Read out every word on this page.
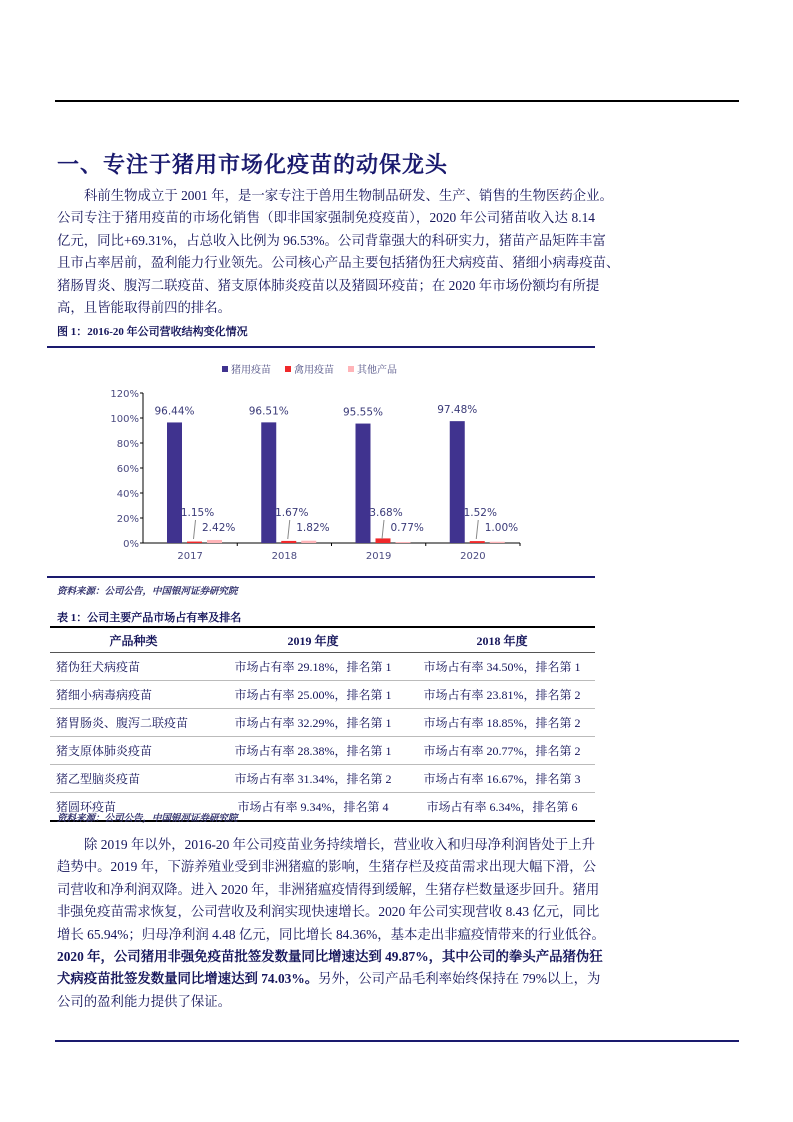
一、专注于猪用市场化疫苗的动保龙头
科前生物成立于 2001 年，是一家专注于兽用生物制品研发、生产、销售的生物医药企业。
公司专注于猪用疫苗的市场化销售（即非国家强制免疫疫苗），2020 年公司猪苗收入达 8.14
亿元，同比+69.31%，占总收入比例为 96.53%。公司背靠强大的科研实力，猪苗产品矩阵丰富
且市占率居前，盈利能力行业领先。公司核心产品主要包括猪伪狂犬病疫苗、猪细小病毒疫苗、
猪肠胃炎、腹泻二联疫苗、猪支原体肺炎疫苗以及猪圆环疫苗；在 2020 年市场份额均有所提
高，且皆能取得前四的排名。
图 1：2016-20 年公司营收结构变化情况
猪用疫苗 禽用疫苗 其他产品
0%
20%
40%
60%
80%
100%
120%
2017	2018	2019	2020
96.44%
1.15%
2.42%
96.51%
1.67%
1.82%
95.55%
3.68%
0.77%
97.48%
1.52%
1.00%
资料来源：公司公告，中国银河证券研究院
表 1：公司主要产品市场占有率及排名
产品种类	2019 年度	2018 年度
猪伪狂犬病疫苗	市场占有率 29.18%，排名第 1	市场占有率 34.50%，排名第 1
猪细小病毒病疫苗	市场占有率 25.00%，排名第 1	市场占有率 23.81%，排名第 2
猪胃肠炎、腹泻二联疫苗	市场占有率 32.29%，排名第 1	市场占有率 18.85%，排名第 2
猪支原体肺炎疫苗	市场占有率 28.38%，排名第 1	市场占有率 20.77%，排名第 2
猪乙型脑炎疫苗	市场占有率 31.34%，排名第 2	市场占有率 16.67%，排名第 3
猪圆环疫苗	市场占有率 9.34%，排名第 4	市场占有率 6.34%，排名第 6
资料来源：公司公告，中国银河证券研究院
除 2019 年以外，2016-20 年公司疫苗业务持续增长，营业收入和归母净利润皆处于上升
趋势中。2019 年，下游养殖业受到非洲猪瘟的影响，生猪存栏及疫苗需求出现大幅下滑，公
司营收和净利润双降。进入 2020 年，非洲猪瘟疫情得到缓解，生猪存栏数量逐步回升。猪用
非强免疫苗需求恢复，公司营收及利润实现快速增长。2020 年公司实现营收 8.43 亿元，同比
增长 65.94%；归母净利润 4.48 亿元，同比增长 84.36%，基本走出非瘟疫情带来的行业低谷。
2020 年，公司猪用非强免疫苗批签发数量同比增速达到 49.87%，其中公司的拳头产品猪伪狂
犬病疫苗批签发数量同比增速达到 74.03%。另外，公司产品毛利率始终保持在 79%以上，为
公司的盈利能力提供了保证。
